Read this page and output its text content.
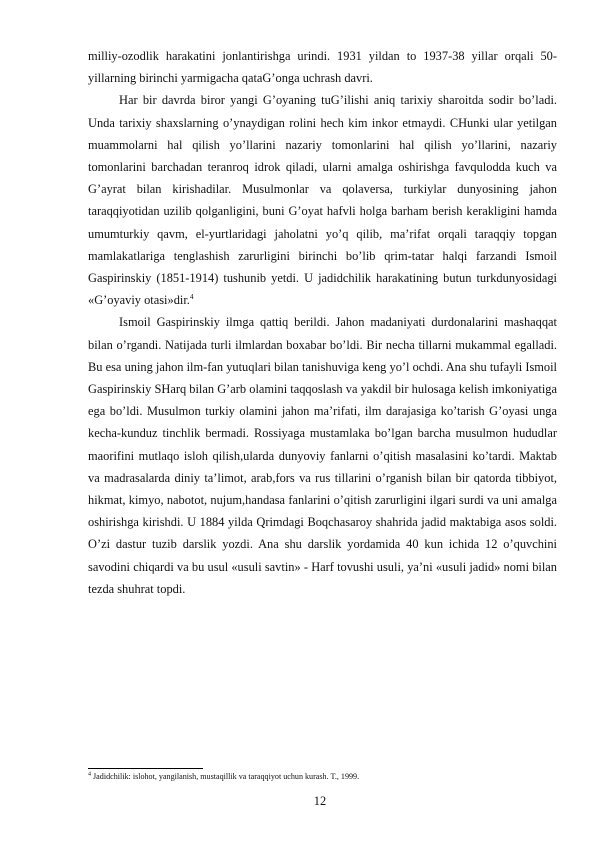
milliy-ozodlik harakatini jonlantirishga urindi. 1931 yildan to 1937-38 yillar orqali 50-yillarning birinchi yarmigacha qataG’onga uchrash davri.

Har bir davrda biror yangi G’oyaning tuG’ilishi aniq tarixiy sharoitda sodir bo’ladi. Unda tarixiy shaxslarning o’ynaydigan rolini hech kim inkor etmaydi. CHunki ular yetilgan muammolarni hal qilish yo’llarini nazariy tomonlarini hal qilish yo’llarini, nazariy tomonlarini barchadan teranroq idrok qiladi, ularni amalga oshirishga favqulodda kuch va G’ayrat bilan kirishadilar. Musulmonlar va qolaversa, turkiylar dunyosining jahon taraqqiyotidan uzilib qolganligini, buni G’oyat hafvli holga barham berish kerakligini hamda umumturkiy qavm, el-yurtlaridagi jaholatni yo’q qilib, ma’rifat orqali taraqqiy topgan mamlakatlariga tenglashish zarurligini birinchi bo’lib qrim-tatar halqi farzandi Ismoil Gaspirinskiy (1851-1914) tushunib yetdi. U jadidchilik harakatining butun turkdunyosidagi «G’oyaviy otasi»dir.$^4$

Ismoil Gaspirinskiy ilmga qattiq berildi. Jahon madaniyati durdonalarini mashaqqat bilan o’rgandi. Natijada turli ilmlardan boxabar bo’ldi. Bir necha tillarni mukammal egalladi. Bu esa uning jahon ilm-fan yutuqlari bilan tanishuviga keng yo’l ochdi. Ana shu tufayli Ismoil Gaspirinskiy SHarq bilan G’arb olamini taqqoslash va yakdil bir hulosaga kelish imkoniyatiga ega bo’ldi. Musulmon turkiy olamini jahon ma’rifati, ilm darajasiga ko’tarish G’oyasi unga kecha-kunduz tinchlik bermadi. Rossiyaga mustamlaka bo’lgan barcha musulmon hududlar maorifini mutlaqo isloh qilish,ularda dunyoviy fanlarni o’qitish masalasini ko’tardi. Maktab va madrasalarda diniy ta’limot, arab,fors va rus tillarini o’rganish bilan bir qatorda tibbiyot, hikmat, kimyo, nabotot, nujum,handasa fanlarini o’qitish zarurligini ilgari surdi va uni amalga oshirishga kirishdi. U 1884 yilda Qrimdagi Boqchasaroy shahrida jadid maktabiga asos soldi. O’zi dastur tuzib darslik yozdi. Ana shu darslik yordamida 40 kun ichida 12 o’quvchini savodini chiqardi va bu usul «usuli savtin» - Harf tovushi usuli, ya’ni «usuli jadid» nomi bilan tezda shuhrat topdi.

$^4$ Jadidchilik: islohot, yangilanish, mustaqillik va taraqqiyot uchun kurash. T., 1999.
12
